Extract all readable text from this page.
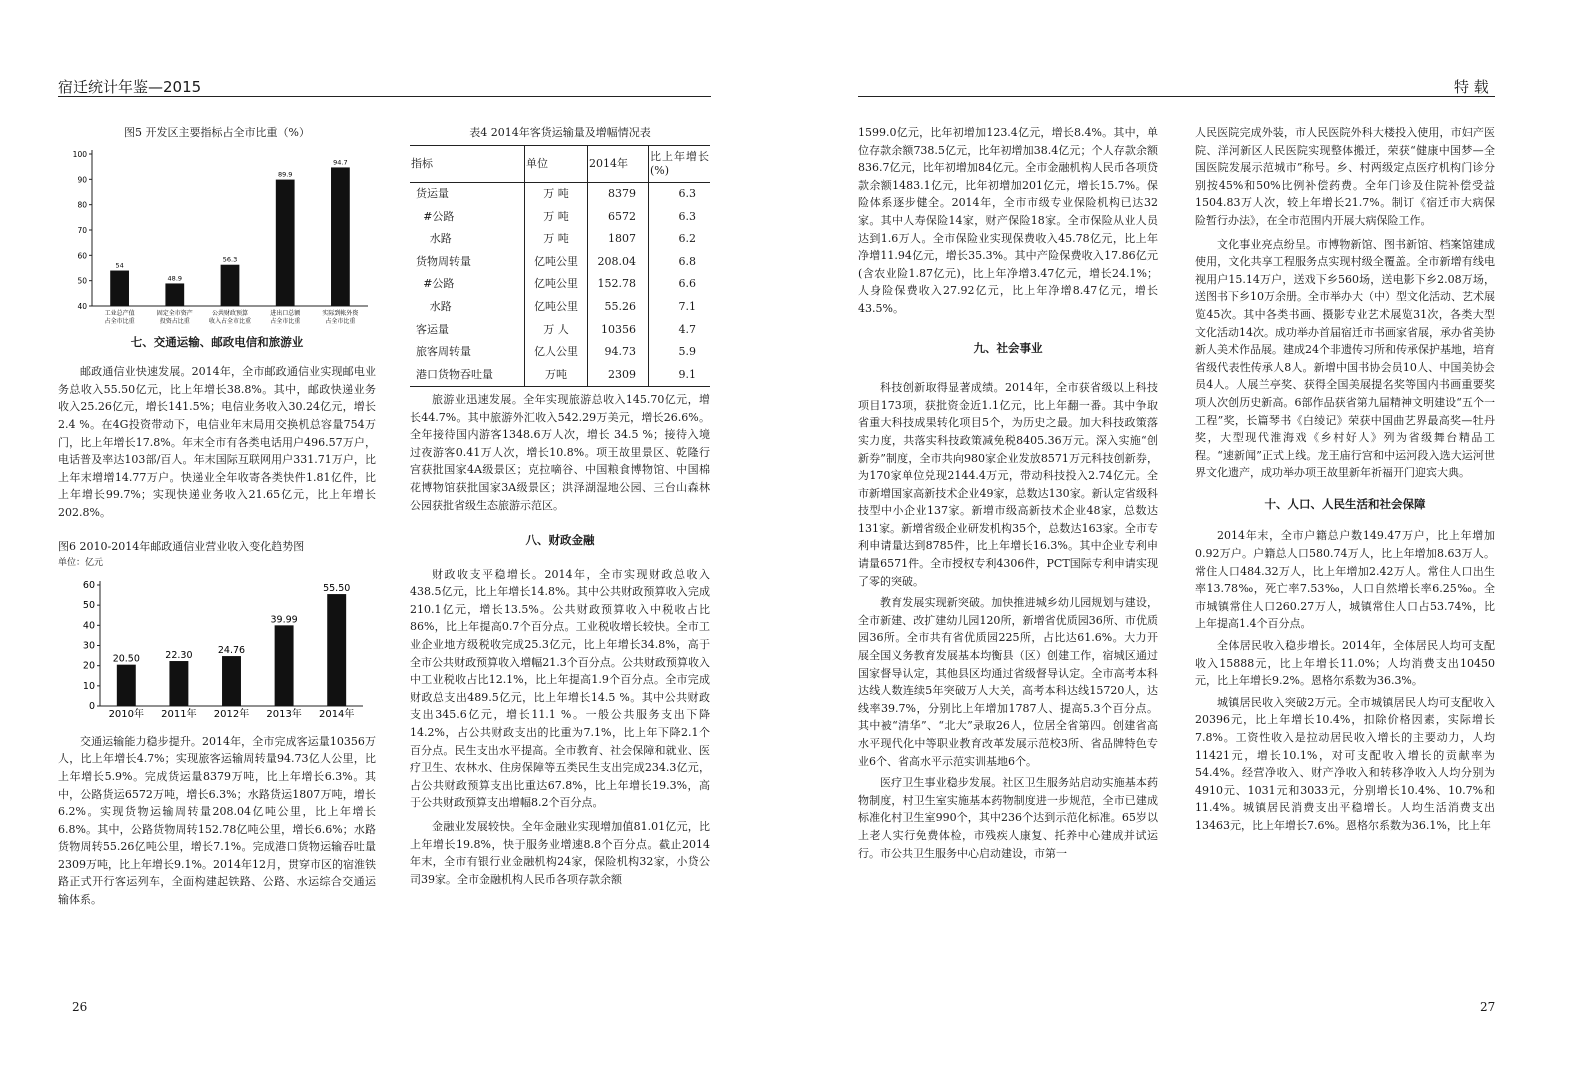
宿迁统计年鉴—2015	特 载
图5 开发区主要指标占全市比重（%）
40
50
60
70
80
90
100
54
工业总产值
占全市比重
48.9
固定全市资产
投资占比重
56.3
公共财政预算
收入占全市比重
89.9
进出口总额
占全市比重
94.7
实际到帐外资
占全市比重
七、交通运输、邮政电信和旅游业

邮政通信业快速发展。2014年，全市邮政通信业实现邮电业务总收入55.50亿元，比上年增长38.8%。其中，邮政快递业务收入25.26亿元，增长141.5%；电信业务收入30.24亿元，增长2.4 %。在4G投资带动下，电信业年末局用交换机总容量754万门，比上年增长17.8%。年末全市有各类电话用户496.57万户，电话普及率达103部/百人。年末国际互联网用户331.71万户，比上年末增增14.77万户。快递业全年收寄各类快件1.81亿件，比上年增长99.7%；实现快递业务收入21.65亿元，比上年增长202.8%。

图6 2010-2014年邮政通信业营业收入变化趋势图
单位：亿元
0
10
20
30
40
50
60
20.50
2010年
22.30
2011年
24.76
2012年
39.99
2013年
55.50
2014年

交通运输能力稳步提升。2014年，全市完成客运量10356万人，比上年增长4.7%；实现旅客运输周转量94.73亿人公里，比上年增长5.9%。完成货运量8379万吨，比上年增长6.3%。其中，公路货运6572万吨，增长6.3%；水路货运1807万吨，增长6.2%。实现货物运输周转量208.04亿吨公里，比上年增长6.8%。其中，公路货物周转152.78亿吨公里，增长6.6%；水路货物周转55.26亿吨公里，增长7.1%。完成港口货物运输吞吐量2309万吨，比上年增长9.1%。2014年12月，贯穿市区的宿淮铁路正式开行客运列车，全面构建起铁路、公路、水运综合交通运输体系。

表4 2014年客货运输量及增幅情况表
指标	单位	2014年	比上年增长(%)
货运量	万 吨	8379	6.3
#公路	万 吨	6572	6.3
水路	万 吨	1807	6.2
货物周转量	亿吨公里	208.04	6.8
#公路	亿吨公里	152.78	6.6
水路	亿吨公里	55.26	7.1
客运量	万 人	10356	4.7
旅客周转量	亿人公里	94.73	5.9
港口货物吞吐量	万吨	2309	9.1

旅游业迅速发展。全年实现旅游总收入145.70亿元，增长44.7%。其中旅游外汇收入542.29万美元，增长26.6%。全年接待国内游客1348.6万人次，增长 34.5 %；接待入境过夜游客0.41万人次，增长10.8%。项王故里景区、乾隆行宫获批国家4A级景区；克拉嘀谷、中国粮食博物馆、中国棉花博物馆获批国家3A级景区；洪泽湖湿地公园、三台山森林公园获批省级生态旅游示范区。

八、财政金融

财政收支平稳增长。2014年，全市实现财政总收入438.5亿元，比上年增长14.8%。其中公共财政预算收入完成210.1亿元，增长13.5%。公共财政预算收入中税收占比86%，比上年提高0.7个百分点。工业税收增长较快。全市工业企业地方级税收完成25.3亿元，比上年增长34.8%，高于全市公共财政预算收入增幅21.3个百分点。公共财政预算收入中工业税收占比12.1%，比上年提高1.9个百分点。全市完成财政总支出489.5亿元，比上年增长14.5 %。其中公共财政支出345.6亿元，增长11.1 %。一般公共服务支出下降14.2%，占公共财政支出的比重为7.1%，比上年下降2.1个百分点。民生支出水平提高。全市教育、社会保障和就业、医疗卫生、农林水、住房保障等五类民生支出完成234.3亿元，占公共财政预算支出比重达67.8%，比上年增长19.3%，高于公共财政预算支出增幅8.2个百分点。

金融业发展较快。全年金融业实现增加值81.01亿元，比上年增长19.8%，快于服务业增速8.8个百分点。截止2014年末，全市有银行业金融机构24家，保险机构32家，小贷公司39家。全市金融机构人民币各项存款余额

1599.0亿元，比年初增加123.4亿元，增长8.4%。其中，单位存款余额738.5亿元，比年初增加38.4亿元；个人存款余额836.7亿元，比年初增加84亿元。全市金融机构人民币各项贷款余额1483.1亿元，比年初增加201亿元，增长15.7%。保险体系逐步健全。2014年，全市市级专业保险机构已达32家。其中人寿保险14家，财产保险18家。全市保险从业人员达到1.6万人。全市保险业实现保费收入45.78亿元，比上年净增11.94亿元，增长35.3%。其中产险保费收入17.86亿元(含农业险1.87亿元)，比上年净增3.47亿元，增长24.1%；人身险保费收入27.92亿元，比上年净增8.47亿元，增长43.5%。

九、社会事业

科技创新取得显著成绩。2014年，全市获省级以上科技项目173项，获批资金近1.1亿元，比上年翻一番。其中争取省重大科技成果转化项目5个，为历史之最。加大科技政策落实力度，共落实科技政策减免税8405.36万元。深入实施“创新券”制度，全市共向980家企业发放8571万元科技创新券，为170家单位兑现2144.4万元，带动科技投入2.74亿元。全市新增国家高新技术企业49家，总数达130家。新认定省级科技型中小企业137家。新增市级高新技术企业48家，总数达131家。新增省级企业研发机构35个，总数达163家。全市专利申请量达到8785件，比上年增长16.3%。其中企业专利申请量6571件。全市授权专利4306件，PCT国际专利申请实现了零的突破。

教育发展实现新突破。加快推进城乡幼儿园规划与建设，全市新建、改扩建幼儿园120所，新增省优质园36所、市优质园36所。全市共有省优质园225所，占比达61.6%。大力开展全国义务教育发展基本均衡县（区）创建工作，宿城区通过国家督导认定，其他县区均通过省级督导认定。全市高考本科达线人数连续5年突破万人大关，高考本科达线15720人，达线率39.7%，分别比上年增加1787人、提高5.3个百分点。其中被“清华”、“北大”录取26人，位居全省第四。创建省高水平现代化中等职业教育改革发展示范校3所、省品牌特色专业6个、省高水平示范实训基地6个。

医疗卫生事业稳步发展。社区卫生服务站启动实施基本药物制度，村卫生室实施基本药物制度进一步规范，全市已建成标准化村卫生室990个，其中236个达到示范化标准。65岁以上老人实行免费体检，市残疾人康复、托养中心建成并试运行。市公共卫生服务中心启动建设，市第一

人民医院完成外装，市人民医院外科大楼投入使用，市妇产医院、洋河新区人民医院实现整体搬迁，荣获“健康中国梦—全国医院发展示范城市”称号。乡、村两级定点医疗机构门诊分别按45%和50%比例补偿药费。全年门诊及住院补偿受益1504.83万人次，较上年增长21.7%。制订《宿迁市大病保险暂行办法》，在全市范围内开展大病保险工作。

文化事业亮点纷呈。市博物新馆、图书新馆、档案馆建成使用，文化共享工程服务点实现村级全覆盖。全市新增有线电视用户15.14万户，送戏下乡560场，送电影下乡2.08万场，送图书下乡10万余册。全市举办大（中）型文化活动、艺术展览45次。其中各类书画、摄影专业艺术展览31次，各类大型文化活动14次。成功举办首届宿迁市书画家省展，承办省美协新人美术作品展。建成24个非遗传习所和传承保护基地，培育省级代表性传承人8人。新增中国书协会员10人、中国美协会员4人。人展兰亭奖、获得全国美展提名奖等国内书画重要奖项人次创历史新高。6部作品获省第九届精神文明建设“五个一工程”奖，长篇琴书《白绫记》荣获中国曲艺界最高奖—牡丹奖，大型现代淮海戏《乡村好人》列为省级舞台精品工程。“速新闻”正式上线。龙王庙行宫和中运河段入选大运河世界文化遗产，成功举办项王故里新年祈福开门迎宾大典。

十、人口、人民生活和社会保障

2014年末，全市户籍总户数149.47万户，比上年增加0.92万户。户籍总人口580.74万人，比上年增加8.63万人。常住人口484.32万人，比上年增加2.42万人。常住人口出生率13.78‰，死亡率7.53‰，人口自然增长率6.25‰。全市城镇常住人口260.27万人，城镇常住人口占53.74%，比上年提高1.4个百分点。

全体居民收入稳步增长。2014年，全体居民人均可支配收入15888元，比上年增长11.0%；人均消费支出10450元，比上年增长9.2%。恩格尔系数为36.3%。

城镇居民收入突破2万元。全市城镇居民人均可支配收入20396元，比上年增长10.4%，扣除价格因素，实际增长7.8%。工资性收入是拉动居民收入增长的主要动力，人均11421元，增长10.1%，对可支配收入增长的贡献率为54.4%。经营净收入、财产净收入和转移净收入人均分别为4910元、1031元和3033元，分别增长10.4%、10.7%和11.4%。城镇居民消费支出平稳增长。人均生活消费支出13463元，比上年增长7.6%。恩格尔系数为36.1%，比上年

26	27
